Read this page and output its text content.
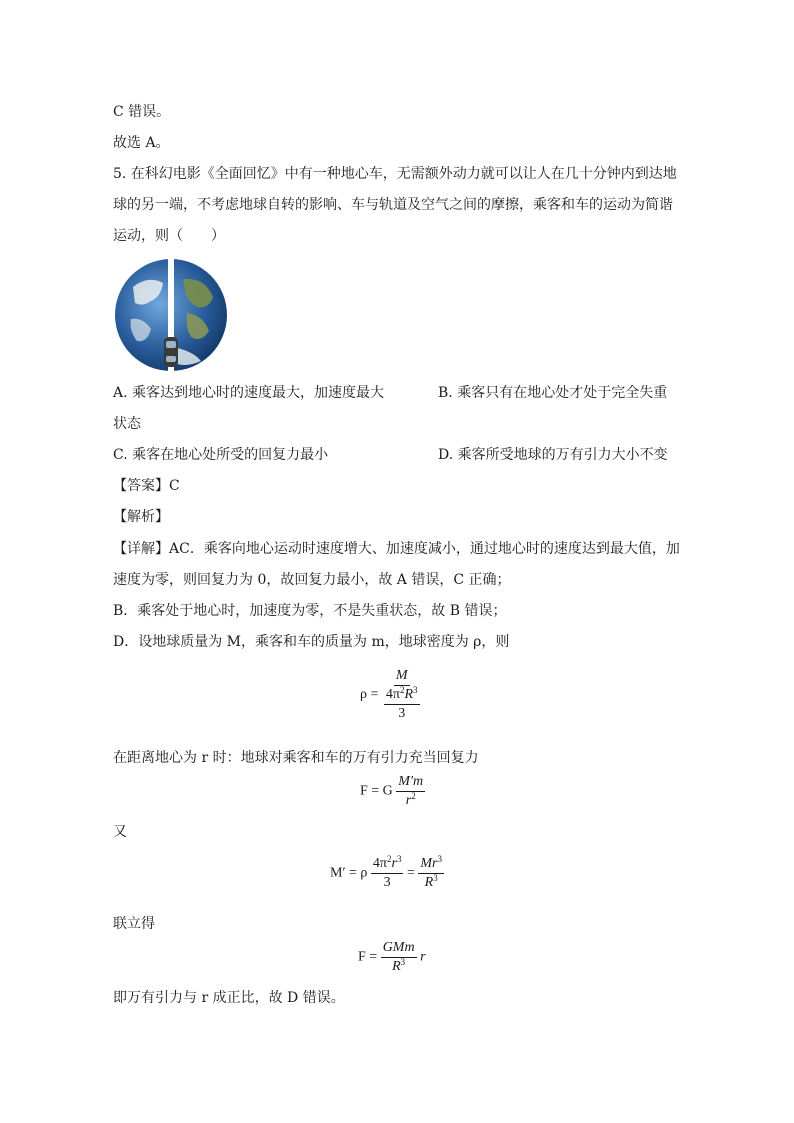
C 错误。
故选 A。
5. 在科幻电影《全面回忆》中有一种地心车，无需额外动力就可以让人在几十分钟内到达地
球的另一端，不考虑地球自转的影响、车与轨道及空气之间的摩擦，乘客和车的运动为简谐
运动，则（　　）
A. 乘客达到地心时的速度最大，加速度最大	B. 乘客只有在地心处才处于完全失重
状态
C. 乘客在地心处所受的回复力最小	D. 乘客所受地球的万有引力大小不变
【答案】C
【解析】
【详解】AC．乘客向地心运动时速度增大、加速度减小，通过地心时的速度达到最大值，加
速度为零，则回复力为 0，故回复力最小，故 A 错误，C 正确；
B．乘客处于地心时，加速度为零，不是失重状态，故 B 错误；
D．设地球质量为 M，乘客和车的质量为 m，地球密度为 ρ，则
$\rho = \frac{M}{\frac{4\pi^2R^3}{3}}$
在距离地心为 r 时：地球对乘客和车的万有引力充当回复力
F = G $\frac{M'm}{r^2}$
又
M′ = ρ $\frac{4\pi^2r^3}{3} = \frac{Mr^3}{R^3}$
联立得
$F = \frac{\text{GMm}}{R^3}$ r
即万有引力与 r 成正比，故 D 错误。
